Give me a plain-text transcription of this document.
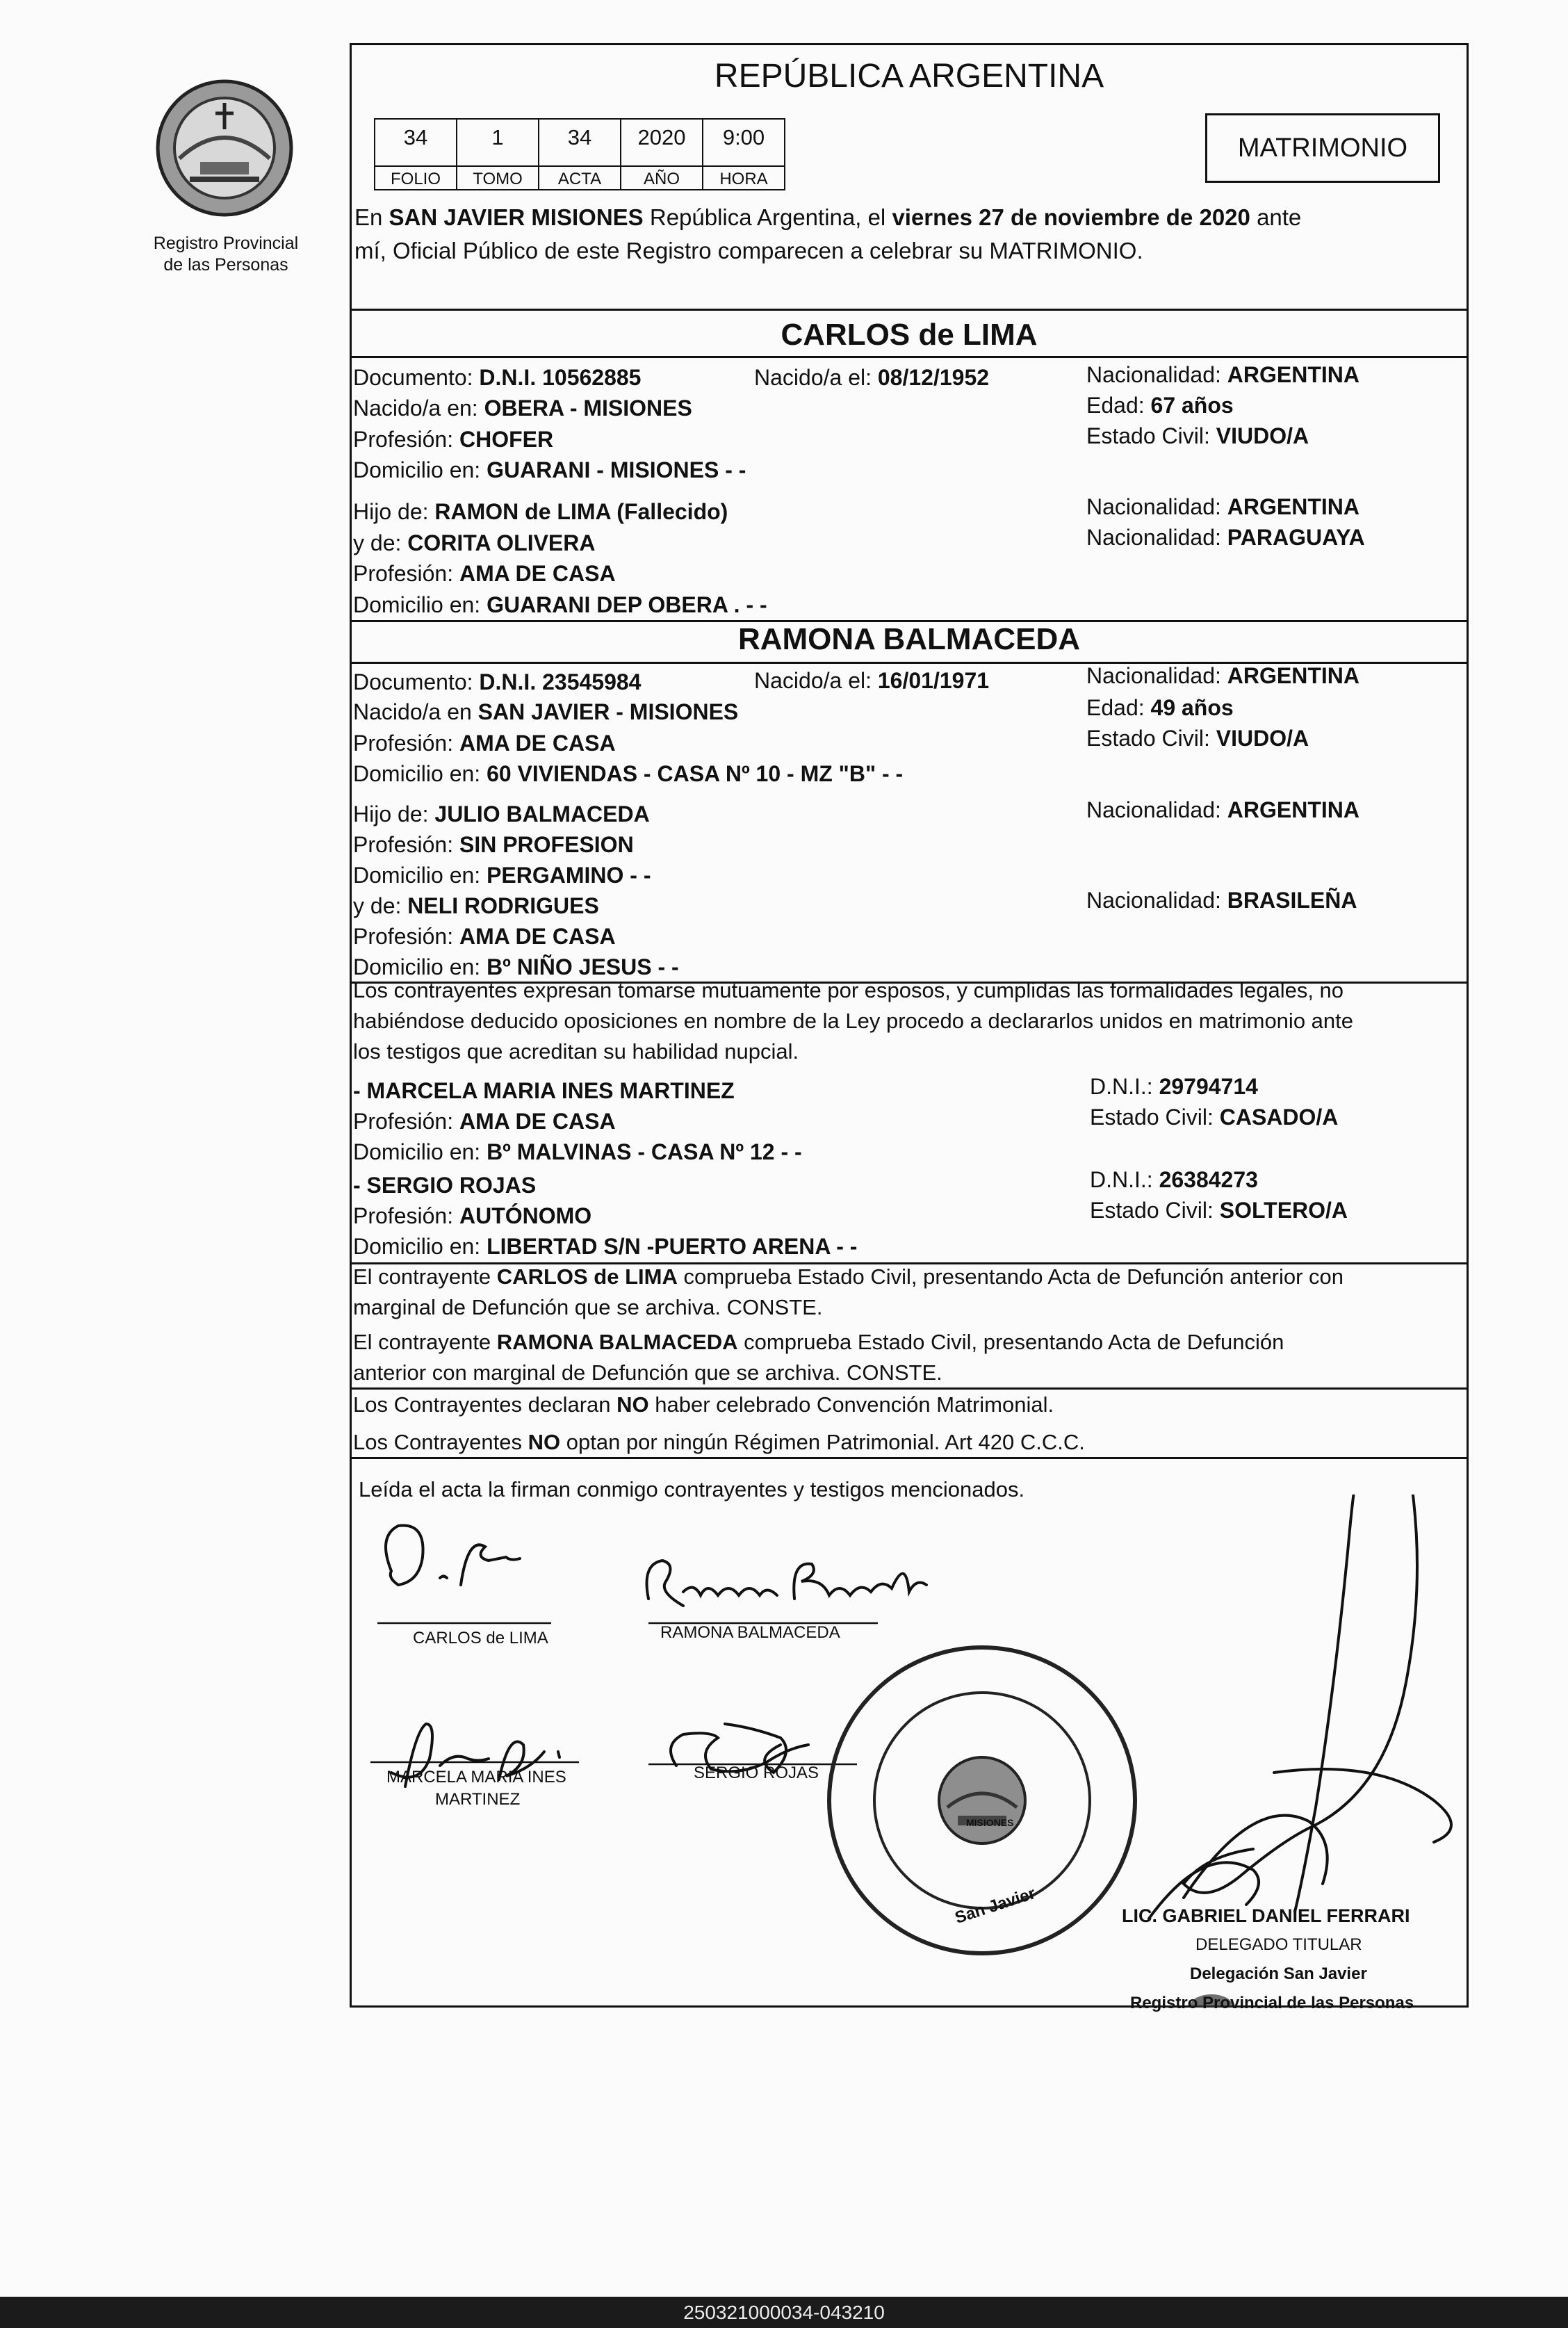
Registro Provincial
de las Personas
REPÚBLICA ARGENTINA
34	1	34	2020	9:00
FOLIO	TOMO	ACTA	AÑO	HORA
MATRIMONIO
En SAN JAVIER MISIONES República Argentina, el viernes 27 de noviembre de 2020 ante
mí, Oficial Público de este Registro comparecen a celebrar su MATRIMONIO.
CARLOS de LIMA
Documento: D.N.I. 10562885	Nacido/a el: 08/12/1952	Nacionalidad: ARGENTINA
Nacido/a en: OBERA - MISIONES	Edad: 67 años
Profesión: CHOFER	Estado Civil: VIUDO/A
Domicilio en: GUARANI - MISIONES - -
Hijo de: RAMON de LIMA (Fallecido)	Nacionalidad: ARGENTINA
y de: CORITA OLIVERA	Nacionalidad: PARAGUAYA
Profesión: AMA DE CASA
Domicilio en: GUARANI DEP OBERA . - -
RAMONA BALMACEDA
Documento: D.N.I. 23545984	Nacido/a el: 16/01/1971	Nacionalidad: ARGENTINA
Nacido/a en SAN JAVIER - MISIONES	Edad: 49 años
Profesión: AMA DE CASA	Estado Civil: VIUDO/A
Domicilio en: 60 VIVIENDAS - CASA Nº 10 - MZ "B" - -
Hijo de: JULIO BALMACEDA	Nacionalidad: ARGENTINA
Profesión: SIN PROFESION
Domicilio en: PERGAMINO - -
y de: NELI RODRIGUES	Nacionalidad: BRASILEÑA
Profesión: AMA DE CASA
Domicilio en: Bº NIÑO JESUS - -
Los contrayentes expresan tomarse mutuamente por esposos, y cumplidas las formalidades legales, no
habiéndose deducido oposiciones en nombre de la Ley procedo a declararlos unidos en matrimonio ante
los testigos que acreditan su habilidad nupcial.
- MARCELA MARIA INES MARTINEZ	D.N.I.: 29794714
Profesión: AMA DE CASA	Estado Civil: CASADO/A
Domicilio en: Bº MALVINAS - CASA Nº 12 - -
- SERGIO ROJAS	D.N.I.: 26384273
Profesión: AUTÓNOMO	Estado Civil: SOLTERO/A
Domicilio en: LIBERTAD S/N -PUERTO ARENA - -
El contrayente CARLOS de LIMA comprueba Estado Civil, presentando Acta de Defunción anterior con
marginal de Defunción que se archiva. CONSTE.
El contrayente RAMONA BALMACEDA comprueba Estado Civil, presentando Acta de Defunción
anterior con marginal de Defunción que se archiva. CONSTE.
Los Contrayentes declaran NO haber celebrado Convención Matrimonial.
Los Contrayentes NO optan por ningún Régimen Patrimonial. Art 420 C.C.C.
Leída el acta la firman conmigo contrayentes y testigos mencionados.
San Javier
MISIONES
CARLOS de LIMA	RAMONA BALMACEDA
MARCELA MARIA INES
MARTINEZ
SERGIO ROJAS
LIC. GABRIEL DANIEL FERRARI
DELEGADO TITULAR
Delegación San Javier
Registro Provincial de las Personas
250321000034-043210
